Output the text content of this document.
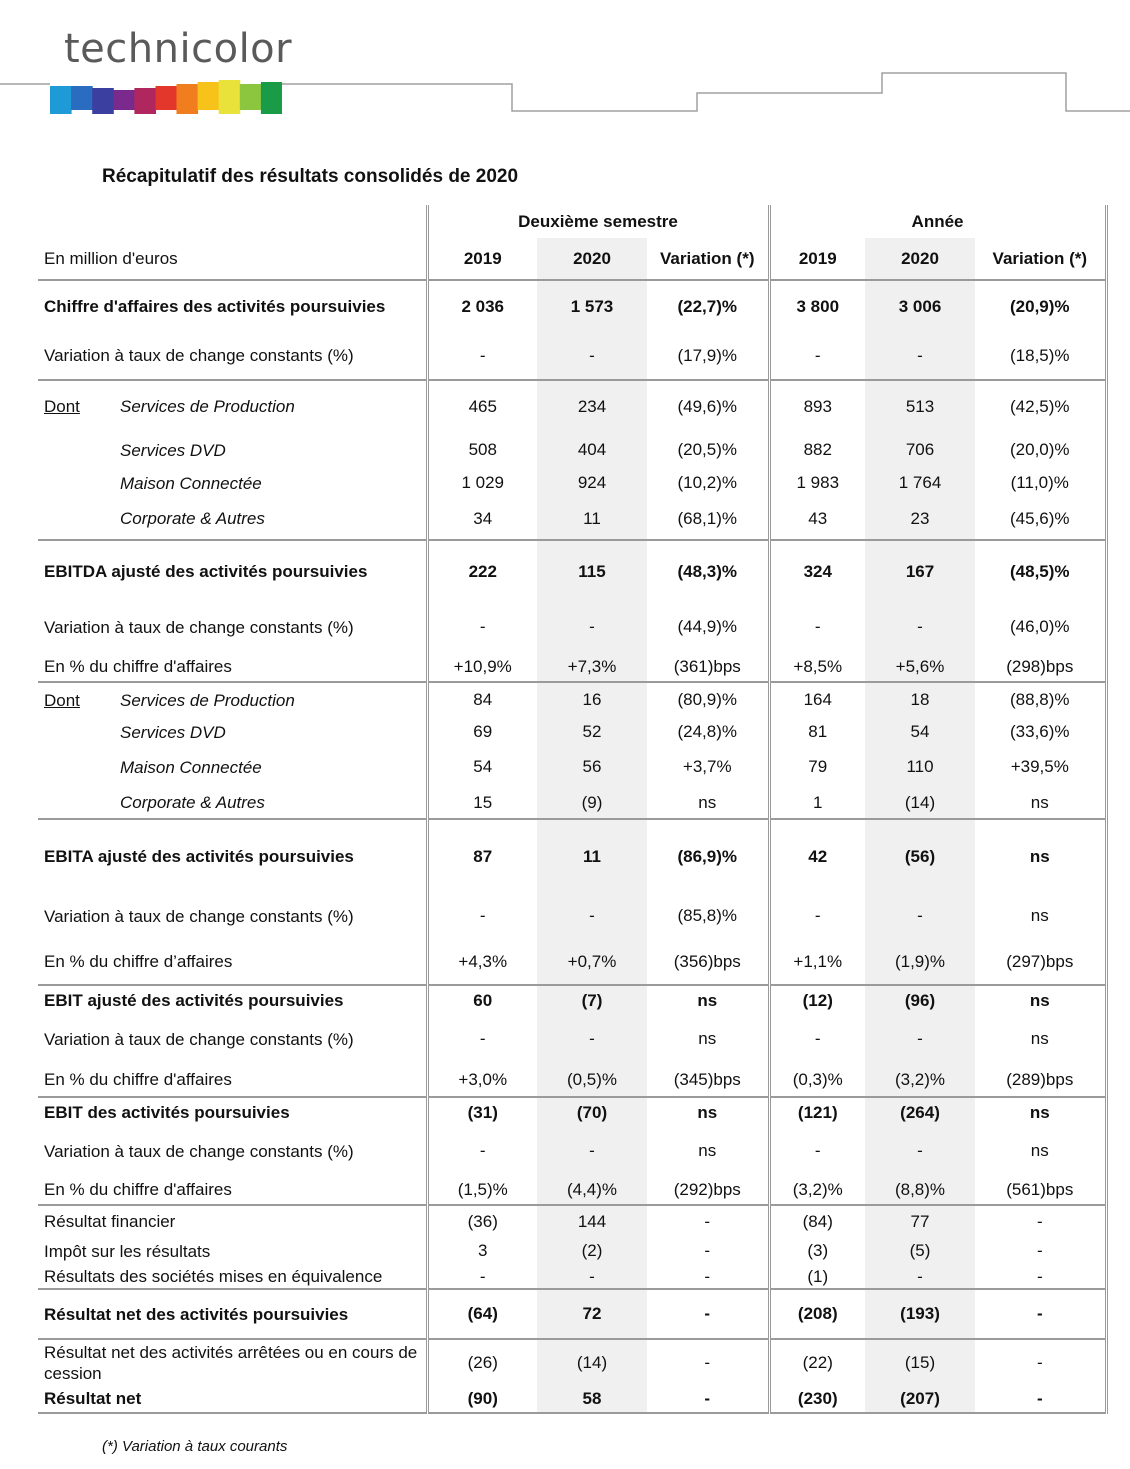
technicolor
Récapitulatif des résultats consolidés de 2020
	Deuxième semestre			Année		
En million d'euros	2019	2020	Variation (*)	2019	2020	Variation (*)
Chiffre d'affaires des activités poursuivies	2 036	1 573	(22,7)%	3 800	3 006	(20,9)%
Variation à taux de change constants (%)	-	-	(17,9)%	-	-	(18,5)%
Dont Services de Production	465	234	(49,6)%	893	513	(42,5)%
Services DVD	508	404	(20,5)%	882	706	(20,0)%
Maison Connectée	1 029	924	(10,2)%	1 983	1 764	(11,0)%
Corporate & Autres	34	11	(68,1)%	43	23	(45,6)%
EBITDA ajusté des activités poursuivies	222	115	(48,3)%	324	167	(48,5)%
Variation à taux de change constants (%)	-	-	(44,9)%	-	-	(46,0)%
En % du chiffre d'affaires	+10,9%	+7,3%	(361)bps	+8,5%	+5,6%	(298)bps
Dont Services de Production	84	16	(80,9)%	164	18	(88,8)%
Services DVD	69	52	(24,8)%	81	54	(33,6)%
Maison Connectée	54	56	+3,7%	79	110	+39,5%
Corporate & Autres	15	(9)	ns	1	(14)	ns
EBITA ajusté des activités poursuivies	87	11	(86,9)%	42	(56)	ns
Variation à taux de change constants (%)	-	-	(85,8)%	-	-	ns
En % du chiffre d’affaires	+4,3%	+0,7%	(356)bps	+1,1%	(1,9)%	(297)bps
EBIT ajusté des activités poursuivies	60	(7)	ns	(12)	(96)	ns
Variation à taux de change constants (%)	-	-	ns	-	-	ns
En % du chiffre d'affaires	+3,0%	(0,5)%	(345)bps	(0,3)%	(3,2)%	(289)bps
EBIT des activités poursuivies	(31)	(70)	ns	(121)	(264)	ns
Variation à taux de change constants (%)	-	-	ns	-	-	ns
En % du chiffre d'affaires	(1,5)%	(4,4)%	(292)bps	(3,2)%	(8,8)%	(561)bps
Résultat financier	(36)	144	-	(84)	77	-
Impôt sur les résultats	3	(2)	-	(3)	(5)	-
Résultats des sociétés mises en équivalence	-	-	-	(1)	-	-
Résultat net des activités poursuivies	(64)	72	-	(208)	(193)	-
Résultat net des activités arrêtées ou en cours de cession	(26)	(14)	-	(22)	(15)	-
Résultat net	(90)	58	-	(230)	(207)	-
(*) Variation à taux courants
